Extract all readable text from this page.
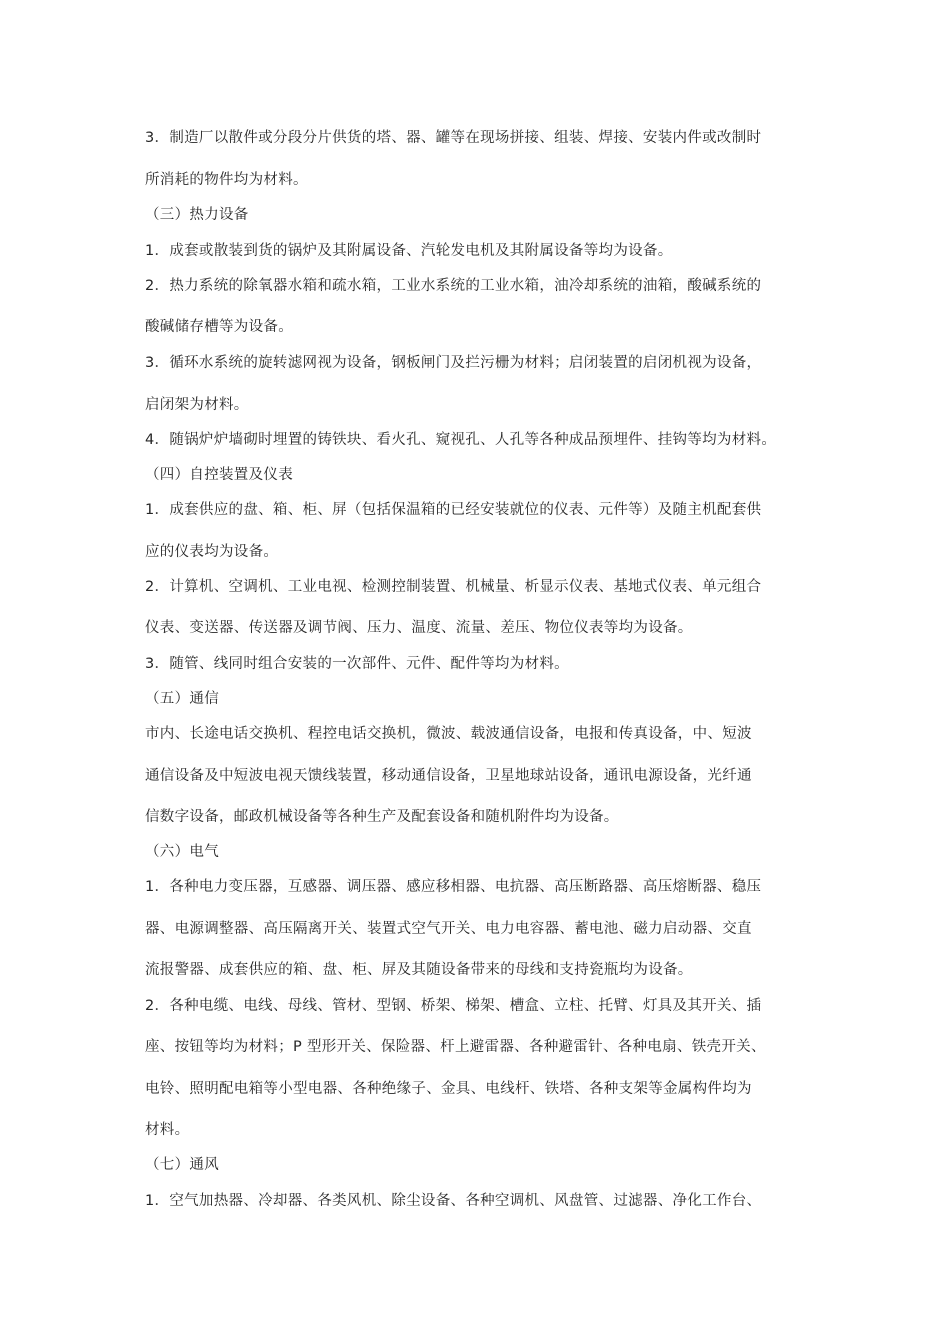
3．制造厂以散件或分段分片供货的塔、器、罐等在现场拼接、组装、焊接、安装内件或改制时
所消耗的物件均为材料。
（三）热力设备
1．成套或散装到货的锅炉及其附属设备、汽轮发电机及其附属设备等均为设备。
2．热力系统的除氧器水箱和疏水箱，工业水系统的工业水箱，油冷却系统的油箱，酸碱系统的
酸碱储存槽等为设备。
3．循环水系统的旋转滤网视为设备，钢板闸门及拦污栅为材料；启闭装置的启闭机视为设备，
启闭架为材料。
4．随锅炉炉墙砌时埋置的铸铁块、看火孔、窥视孔、人孔等各种成品预埋件、挂钩等均为材料。
（四）自控装置及仪表
1．成套供应的盘、箱、柜、屏（包括保温箱的已经安装就位的仪表、元件等）及随主机配套供
应的仪表均为设备。
2．计算机、空调机、工业电视、检测控制装置、机械量、析显示仪表、基地式仪表、单元组合
仪表、变送器、传送器及调节阀、压力、温度、流量、差压、物位仪表等均为设备。
3．随管、线同时组合安装的一次部件、元件、配件等均为材料。
（五）通信
市内、长途电话交换机、程控电话交换机，微波、载波通信设备，电报和传真设备，中、短波
通信设备及中短波电视天馈线装置，移动通信设备，卫星地球站设备，通讯电源设备，光纤通
信数字设备，邮政机械设备等各种生产及配套设备和随机附件均为设备。
（六）电气
1．各种电力变压器，互感器、调压器、感应移相器、电抗器、高压断路器、高压熔断器、稳压
器、电源调整器、高压隔离开关、装置式空气开关、电力电容器、蓄电池、磁力启动器、交直
流报警器、成套供应的箱、盘、柜、屏及其随设备带来的母线和支持瓷瓶均为设备。
2．各种电缆、电线、母线、管材、型钢、桥架、梯架、槽盒、立柱、托臂、灯具及其开关、插
座、按钮等均为材料；P 型形开关、保险器、杆上避雷器、各种避雷针、各种电扇、铁壳开关、
电铃、照明配电箱等小型电器、各种绝缘子、金具、电线杆、铁塔、各种支架等金属构件均为
材料。
（七）通风
1．空气加热器、冷却器、各类风机、除尘设备、各种空调机、风盘管、过滤器、净化工作台、
